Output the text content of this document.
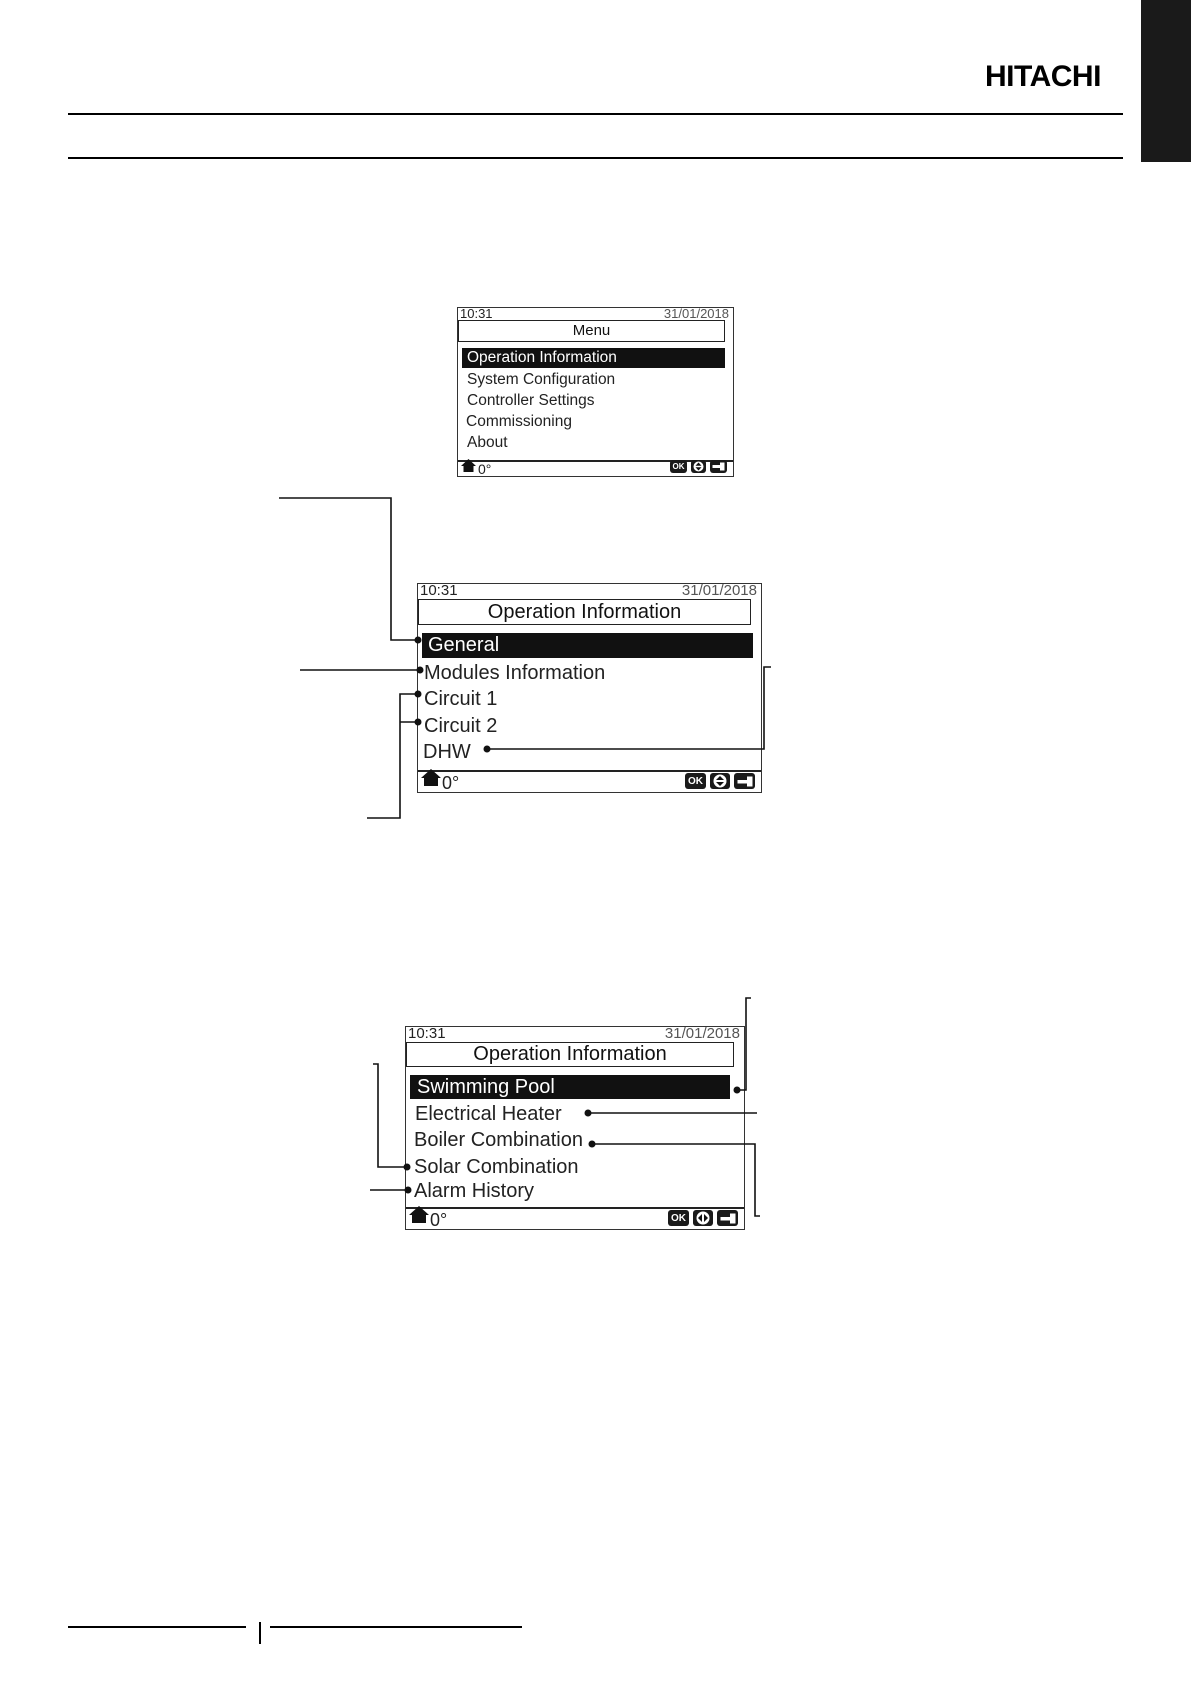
HITACHI
10:31	31/01/2018
Menu
Operation Information
System Configuration
Controller Settings
Commissioning
About
0°	OK
10:31	31/01/2018
Operation Information
General
Modules Information
Circuit 1
Circuit 2
DHW
0°	OK
10:31	31/01/2018
Operation Information
Swimming Pool
Electrical Heater
Boiler Combination
Solar Combination
Alarm History
0°	OK
